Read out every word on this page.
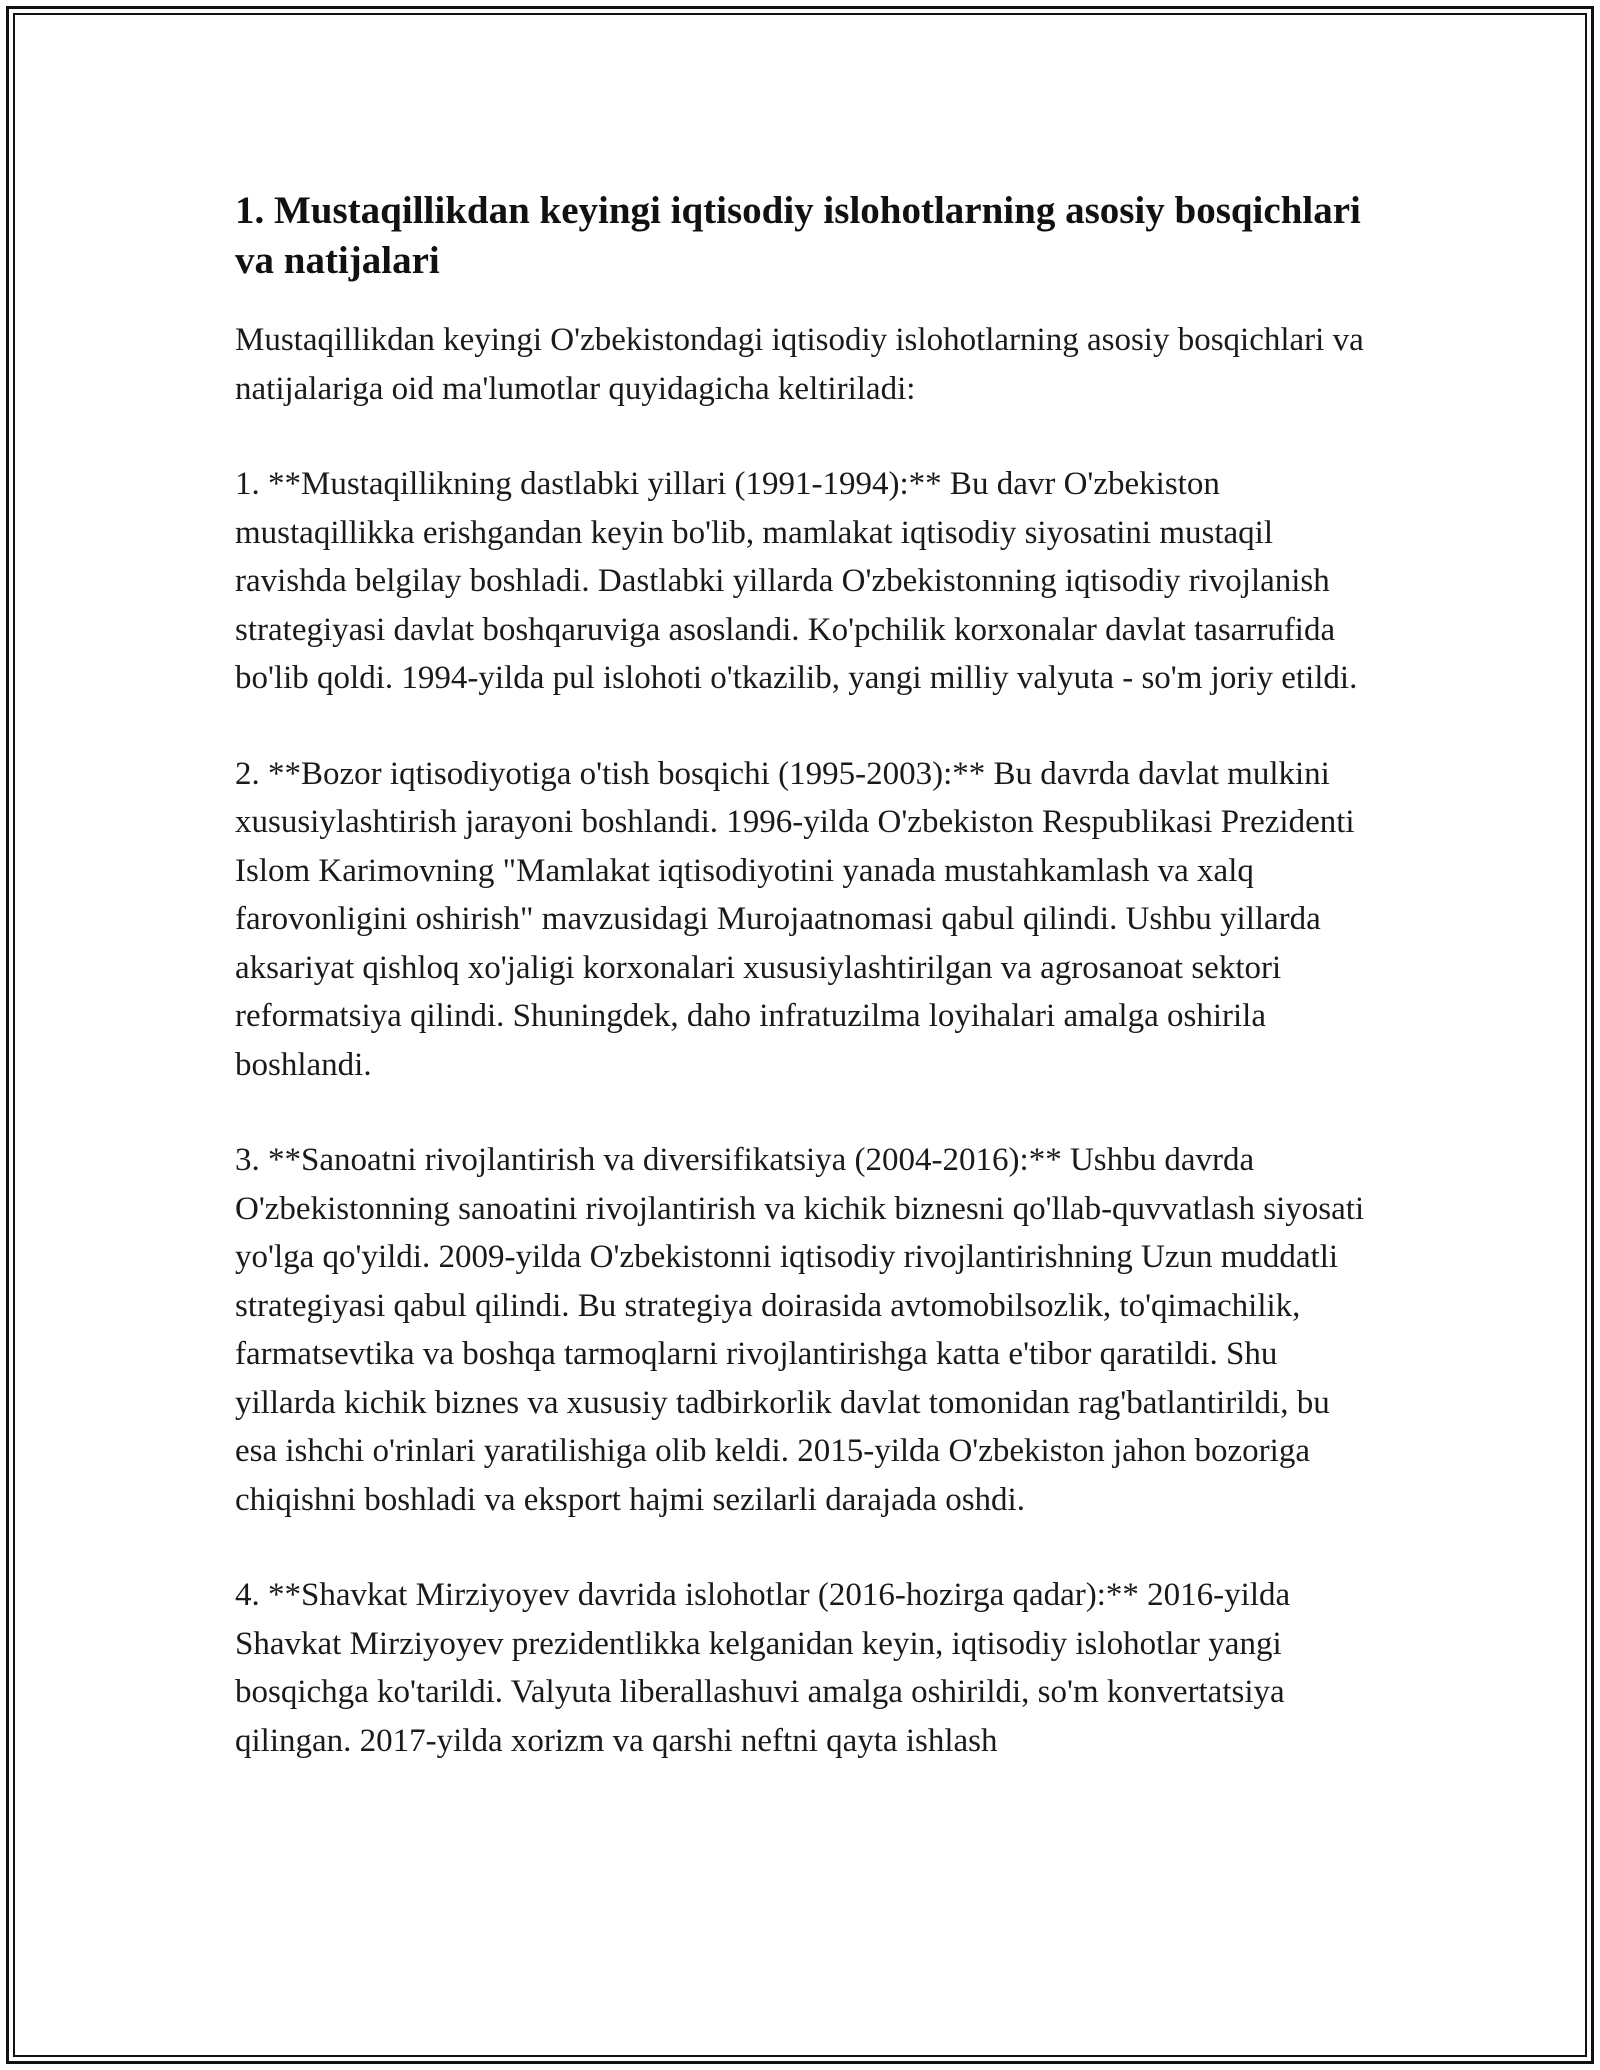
1. Mustaqillikdan keyingi iqtisodiy islohotlarning asosiy bosqichlari va natijalari

Mustaqillikdan keyingi O'zbekistondagi iqtisodiy islohotlarning asosiy bosqichlari va natijalariga oid ma'lumotlar quyidagicha keltiriladi:

1. **Mustaqillikning dastlabki yillari (1991-1994):** Bu davr O'zbekiston mustaqillikka erishgandan keyin bo'lib, mamlakat iqtisodiy siyosatini mustaqil ravishda belgilay boshladi. Dastlabki yillarda O'zbekistonning iqtisodiy rivojlanish strategiyasi davlat boshqaruviga asoslandi. Ko'pchilik korxonalar davlat tasarrufida bo'lib qoldi. 1994-yilda pul islohoti o'tkazilib, yangi milliy valyuta - so'm joriy etildi.

2. **Bozor iqtisodiyotiga o'tish bosqichi (1995-2003):** Bu davrda davlat mulkini xususiylashtirish jarayoni boshlandi. 1996-yilda O'zbekiston Respublikasi Prezidenti Islom Karimovning "Mamlakat iqtisodiyotini yanada mustahkamlash va xalq farovonligini oshirish" mavzusidagi Murojaatnomasi qabul qilindi. Ushbu yillarda aksariyat qishloq xo'jaligi korxonalari xususiylashtirilgan va agrosanoat sektori reformatsiya qilindi. Shuningdek, daho infratuzilma loyihalari amalga oshirila boshlandi.

3. **Sanoatni rivojlantirish va diversifikatsiya (2004-2016):** Ushbu davrda O'zbekistonning sanoatini rivojlantirish va kichik biznesni qo'llab-quvvatlash siyosati yo'lga qo'yildi. 2009-yilda O'zbekistonni iqtisodiy rivojlantirishning Uzun muddatli strategiyasi qabul qilindi. Bu strategiya doirasida avtomobilsozlik, to'qimachilik, farmatsevtika va boshqa tarmoqlarni rivojlantirishga katta e'tibor qaratildi. Shu yillarda kichik biznes va xususiy tadbirkorlik davlat tomonidan rag'batlantirildi, bu esa ishchi o'rinlari yaratilishiga olib keldi. 2015-yilda O'zbekiston jahon bozoriga chiqishni boshladi va eksport hajmi sezilarli darajada oshdi.

4. **Shavkat Mirziyoyev davrida islohotlar (2016-hozirga qadar):** 2016-yilda Shavkat Mirziyoyev prezidentlikka kelganidan keyin, iqtisodiy islohotlar yangi bosqichga ko'tarildi. Valyuta liberallashuvi amalga oshirildi, so'm konvertatsiya qilingan. 2017-yilda xorizm va qarshi neftni qayta ishlash
